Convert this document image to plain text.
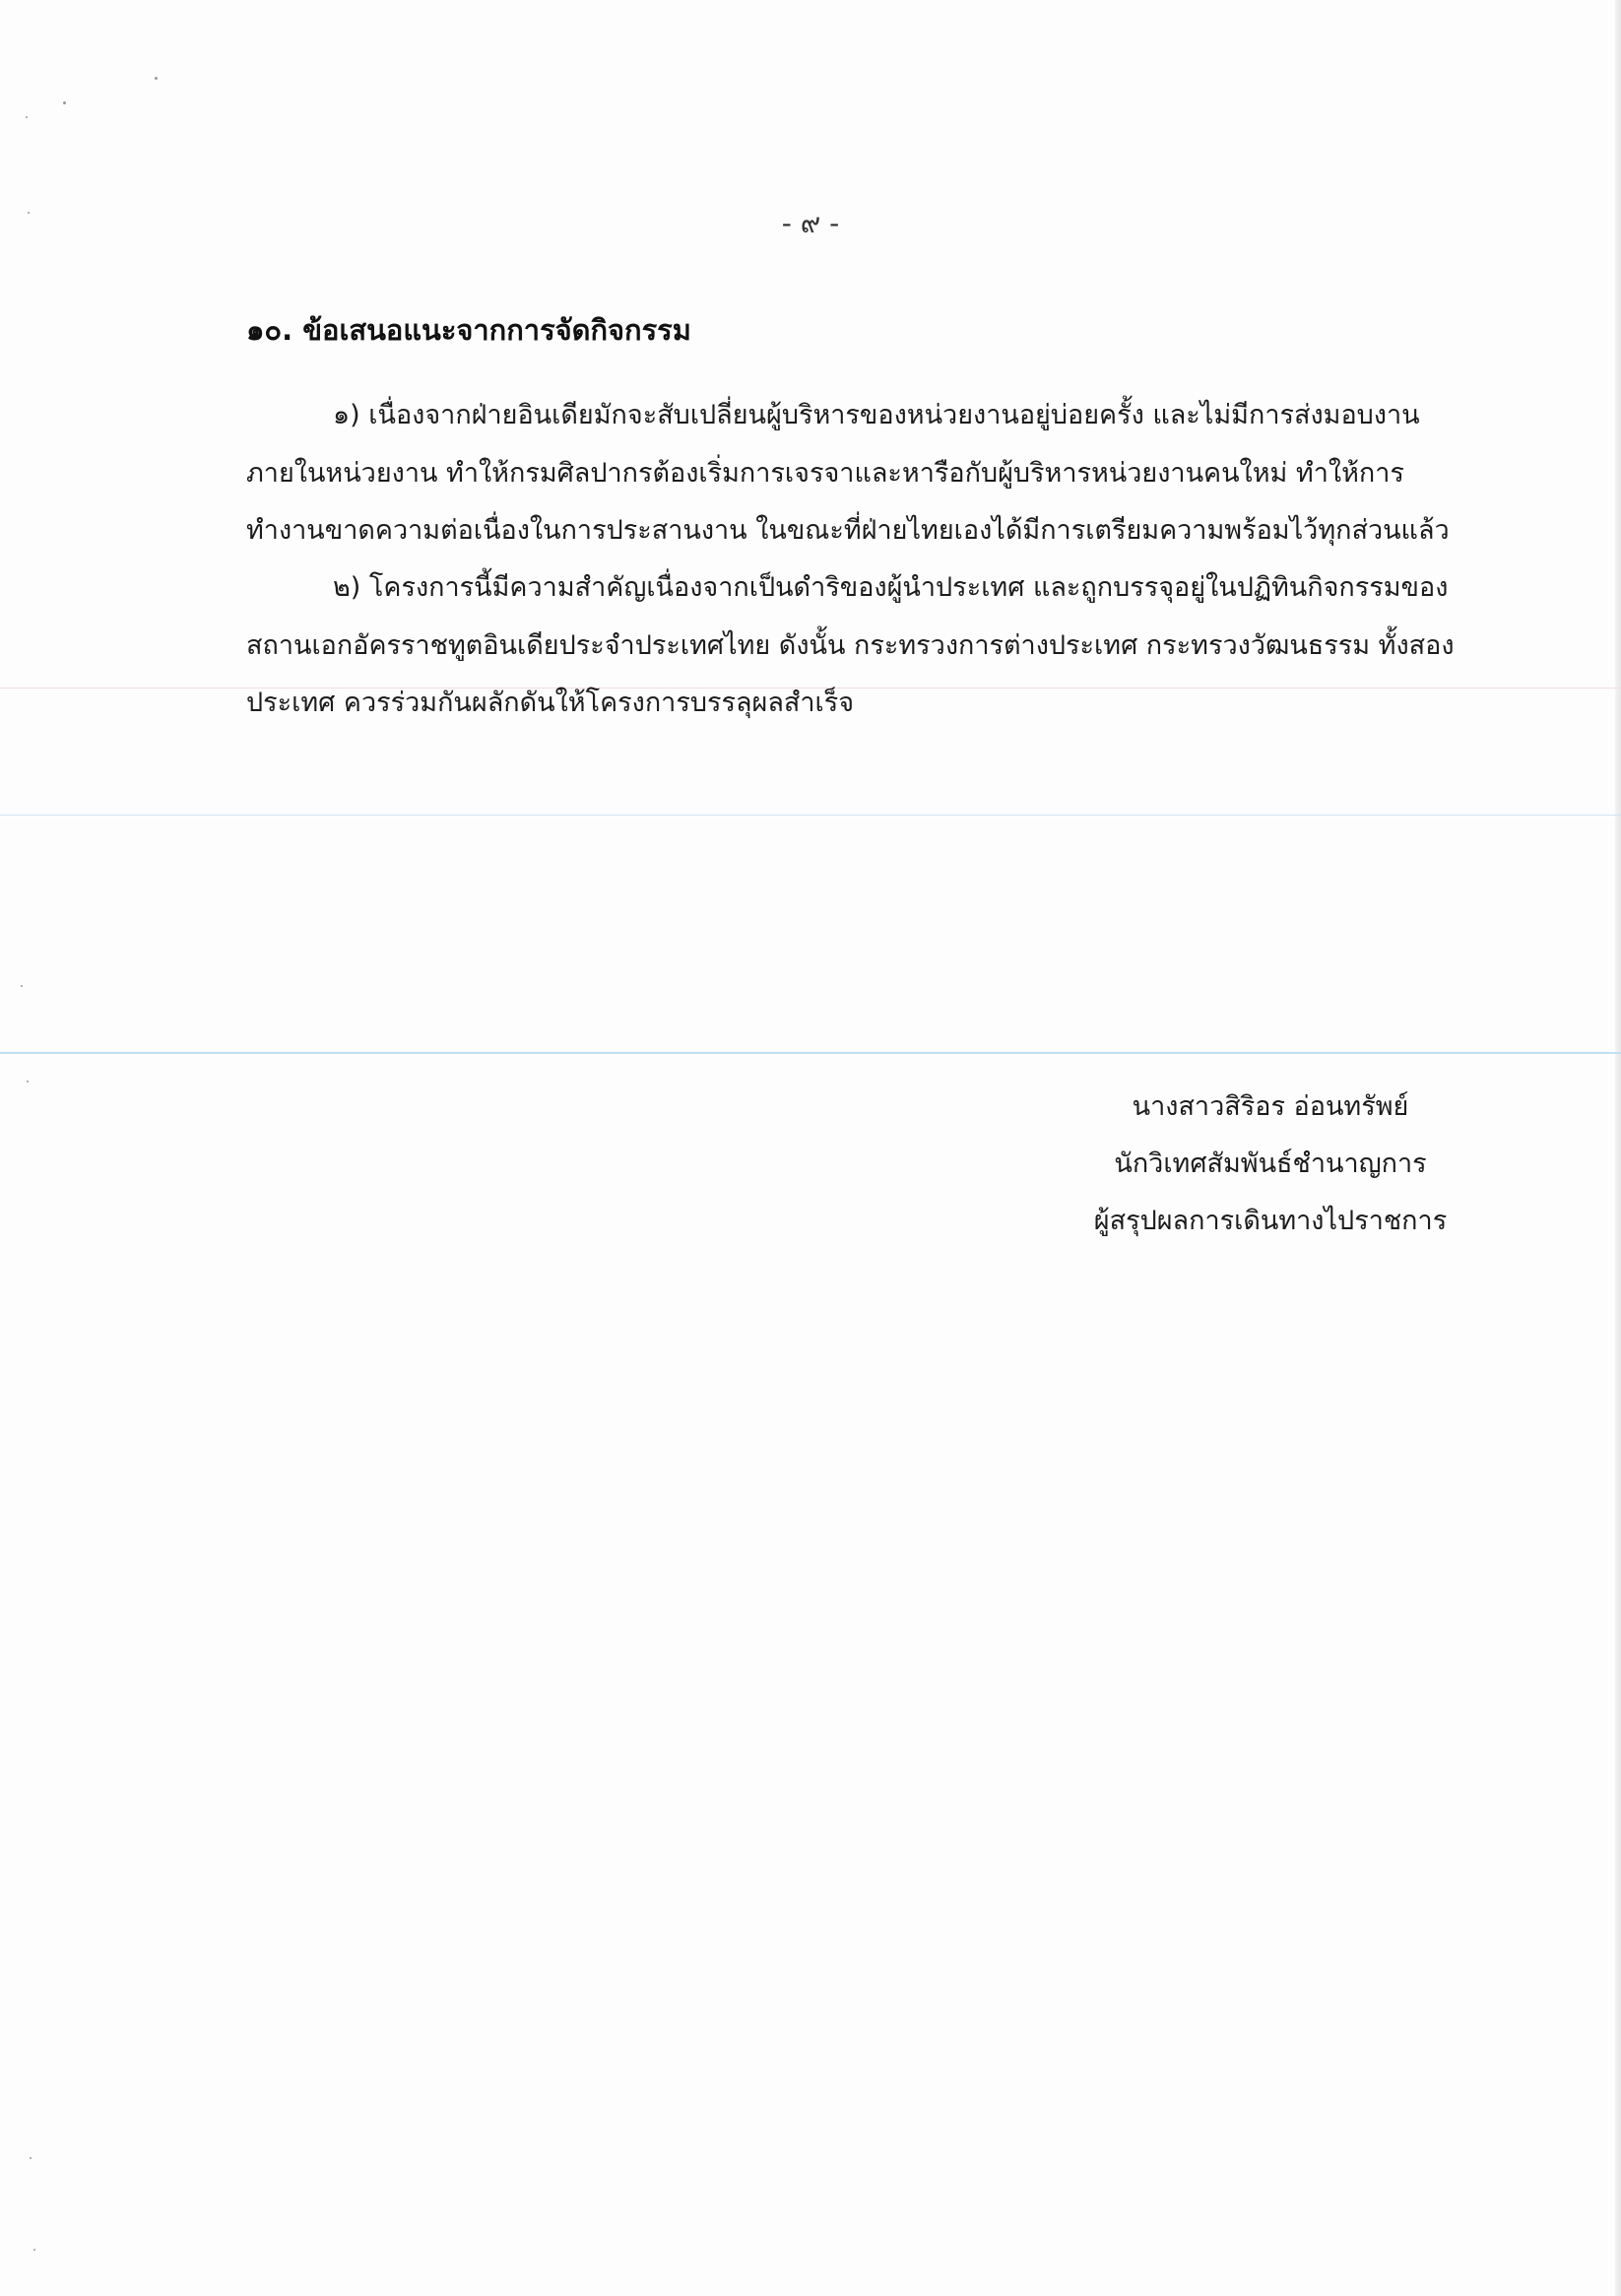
- ๙ -
๑๐. ข้อเสนอแนะจากการจัดกิจกรรม
๑) เนื่องจากฝ่ายอินเดียมักจะสับเปลี่ยนผู้บริหารของหน่วยงานอยู่บ่อยครั้ง และไม่มีการส่งมอบงาน
ภายในหน่วยงาน ทำให้กรมศิลปากรต้องเริ่มการเจรจาและหารือกับผู้บริหารหน่วยงานคนใหม่ ทำให้การ
ทำงานขาดความต่อเนื่องในการประสานงาน ในขณะที่ฝ่ายไทยเองได้มีการเตรียมความพร้อมไว้ทุกส่วนแล้ว
๒) โครงการนี้มีความสำคัญเนื่องจากเป็นดำริของผู้นำประเทศ และถูกบรรจุอยู่ในปฏิทินกิจกรรมของ
สถานเอกอัครราชทูตอินเดียประจำประเทศไทย ดังนั้น กระทรวงการต่างประเทศ กระทรวงวัฒนธรรม ทั้งสอง
ประเทศ ควรร่วมกันผลักดันให้โครงการบรรลุผลสำเร็จ
นางสาวสิริอร อ่อนทรัพย์
นักวิเทศสัมพันธ์ชำนาญการ
ผู้สรุปผลการเดินทางไปราชการ
